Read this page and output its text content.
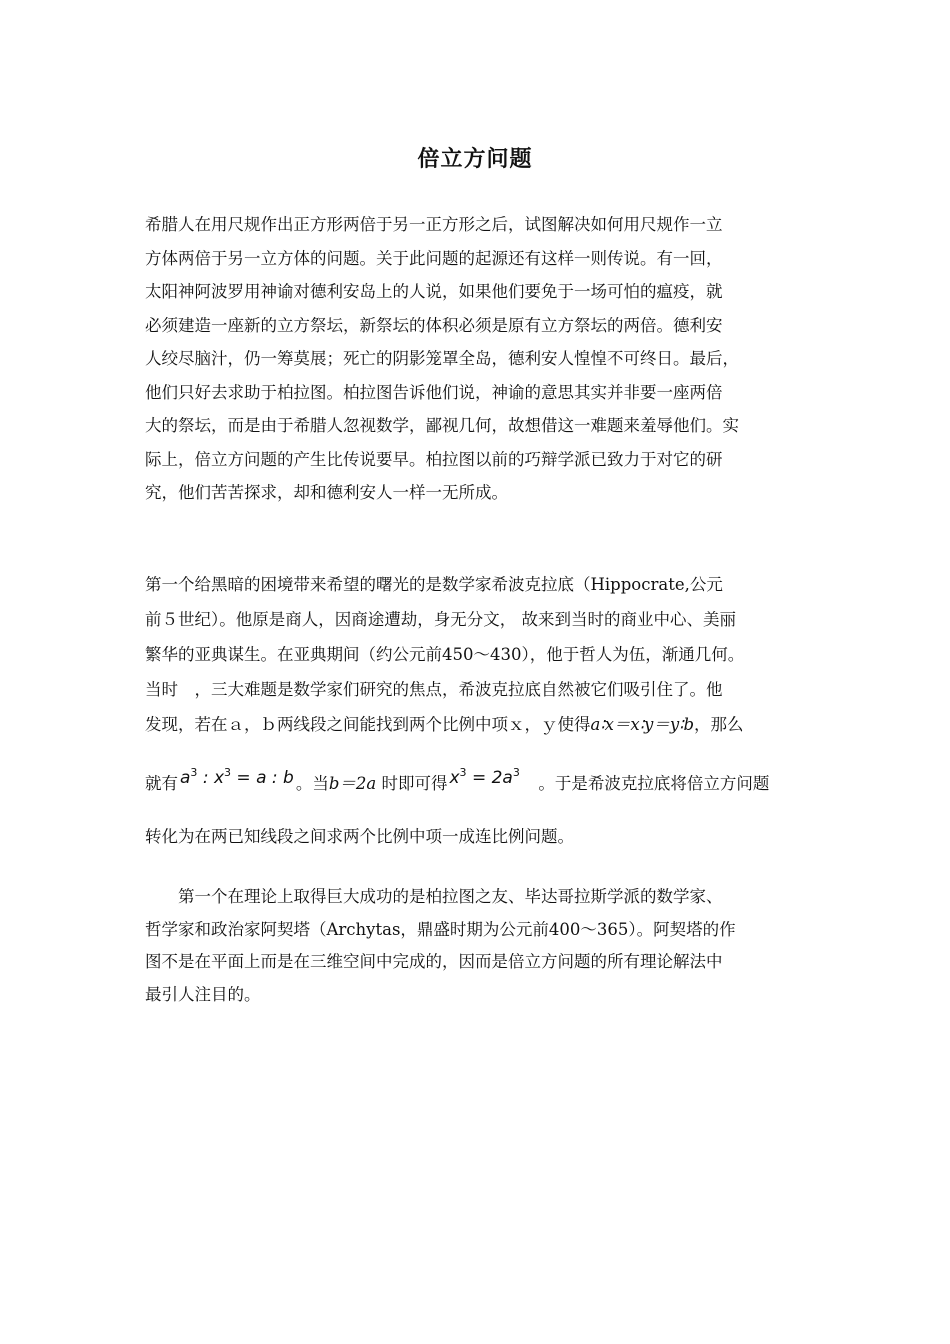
倍立方问题

希腊人在用尺规作出正方形两倍于另一正方形之后，试图解决如何用尺规作一立
方体两倍于另一立方体的问题。关于此问题的起源还有这样一则传说。有一回，
太阳神阿波罗用神谕对德利安岛上的人说，如果他们要免于一场可怕的瘟疫，就
必须建造一座新的立方祭坛，新祭坛的体积必须是原有立方祭坛的两倍。德利安
人绞尽脑汁，仍一筹莫展；死亡的阴影笼罩全岛，德利安人惶惶不可终日。最后，
他们只好去求助于柏拉图。柏拉图告诉他们说，神谕的意思其实并非要一座两倍
大的祭坛，而是由于希腊人忽视数学，鄙视几何，故想借这一难题来羞辱他们。实
际上，倍立方问题的产生比传说要早。柏拉图以前的巧辩学派已致力于对它的研
究，他们苦苦探求，却和德利安人一样一无所成。

第一个给黑暗的困境带来希望的曙光的是数学家希波克拉底（Hippocrate,公元
前５世纪）。他原是商人，因商途遭劫，身无分文， 故来到当时的商业中心、美丽
繁华的亚典谋生。在亚典期间（约公元前450～430），他于哲人为伍，渐通几何。
当时　，三大难题是数学家们研究的焦点，希波克拉底自然被它们吸引住了。他
发现，若在ａ，ｂ两线段之间能找到两个比例中项ｘ，ｙ使得a∶x＝x∶y＝y∶b，那么
就有 $a^3$ : $x^3 = a$ : b 。当b＝2a 时即可得 $x^3 = 2a^3$　。于是希波克拉底将倍立方问题
转化为在两已知线段之间求两个比例中项一成连比例问题。

第一个在理论上取得巨大成功的是柏拉图之友、毕达哥拉斯学派的数学家、
哲学家和政治家阿契塔（Archytas，鼎盛时期为公元前400～365）。阿契塔的作
图不是在平面上而是在三维空间中完成的，因而是倍立方问题的所有理论解法中
最引人注目的。
